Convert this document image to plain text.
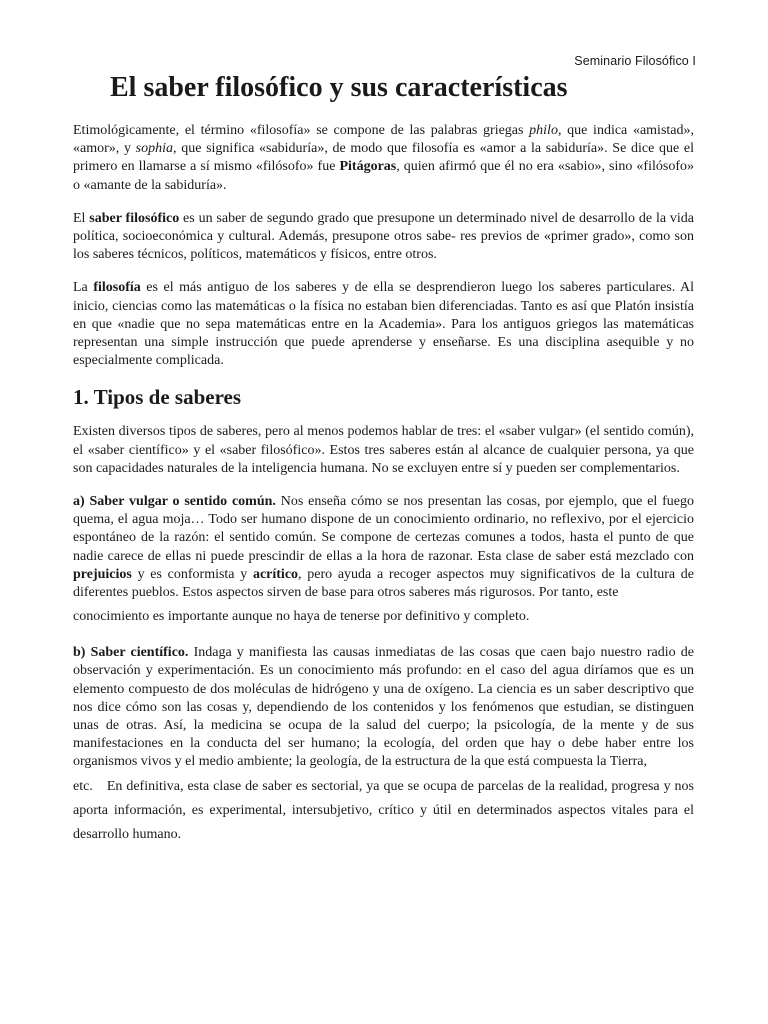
Seminario Filosófico I
El saber filosófico y sus características

Etimológicamente, el término «filosofía» se compone de las palabras griegas philo, que indica «amistad», «amor», y sophia, que significa «sabiduría», de modo que filosofía es «amor a la sabiduría». Se dice que el primero en llamarse a sí mismo «filósofo» fue Pitágoras, quien afirmó que él no era «sabio», sino «filósofo» o «amante de la sabiduría».

El saber filosófico es un saber de segundo grado que presupone un determinado nivel de desarrollo de la vida política, socioeconómica y cultural. Además, presupone otros sabe- res previos de «primer grado», como son los saberes técnicos, políticos, matemáticos y físicos, entre otros.

La filosofía es el más antiguo de los saberes y de ella se desprendieron luego los saberes particulares. Al inicio, ciencias como las matemáticas o la física no estaban bien diferenciadas. Tanto es así que Platón insistía en que «nadie que no sepa matemáticas entre en la Academia». Para los antiguos griegos las matemáticas representan una simple instrucción que puede aprenderse y enseñarse. Es una disciplina asequible y no especialmente complicada.

1. Tipos de saberes

Existen diversos tipos de saberes, pero al menos podemos hablar de tres: el «saber vulgar» (el sentido común), el «saber científico» y el «saber filosófico». Estos tres saberes están al alcance de cualquier persona, ya que son capacidades naturales de la inteligencia humana. No se excluyen entre sí y pueden ser complementarios.

a) Saber vulgar o sentido común. Nos enseña cómo se nos presentan las cosas, por ejemplo, que el fuego quema, el agua moja… Todo ser humano dispone de un conocimiento ordinario, no reflexivo, por el ejercicio espontáneo de la razón: el sentido común. Se compone de certezas comunes a todos, hasta el punto de que nadie carece de ellas ni puede prescindir de ellas a la hora de razonar. Esta clase de saber está mezclado con prejuicios y es conformista y acrítico, pero ayuda a recoger aspectos muy significativos de la cultura de diferentes pueblos. Estos aspectos sirven de base para otros saberes más rigurosos. Por tanto, este
conocimiento es importante aunque no haya de tenerse por definitivo y completo.

b) Saber científico. Indaga y manifiesta las causas inmediatas de las cosas que caen bajo nuestro radio de observación y experimentación. Es un conocimiento más profundo: en el caso del agua diríamos que es un elemento compuesto de dos moléculas de hidrógeno y una de oxígeno. La ciencia es un saber descriptivo que nos dice cómo son las cosas y, dependiendo de los contenidos y los fenómenos que estudian, se distinguen unas de otras. Así, la medicina se ocupa de la salud del cuerpo; la psicología, de la mente y de sus manifestaciones en la conducta del ser humano; la ecología, del orden que hay o debe haber entre los organismos vivos y el medio ambiente; la geología, de la estructura de la que está compuesta la Tierra,
etc. En definitiva, esta clase de saber es sectorial, ya que se ocupa de parcelas de la realidad, progresa y nos aporta información, es experimental, intersubjetivo, crítico y útil en determinados aspectos vitales para el desarrollo humano.
